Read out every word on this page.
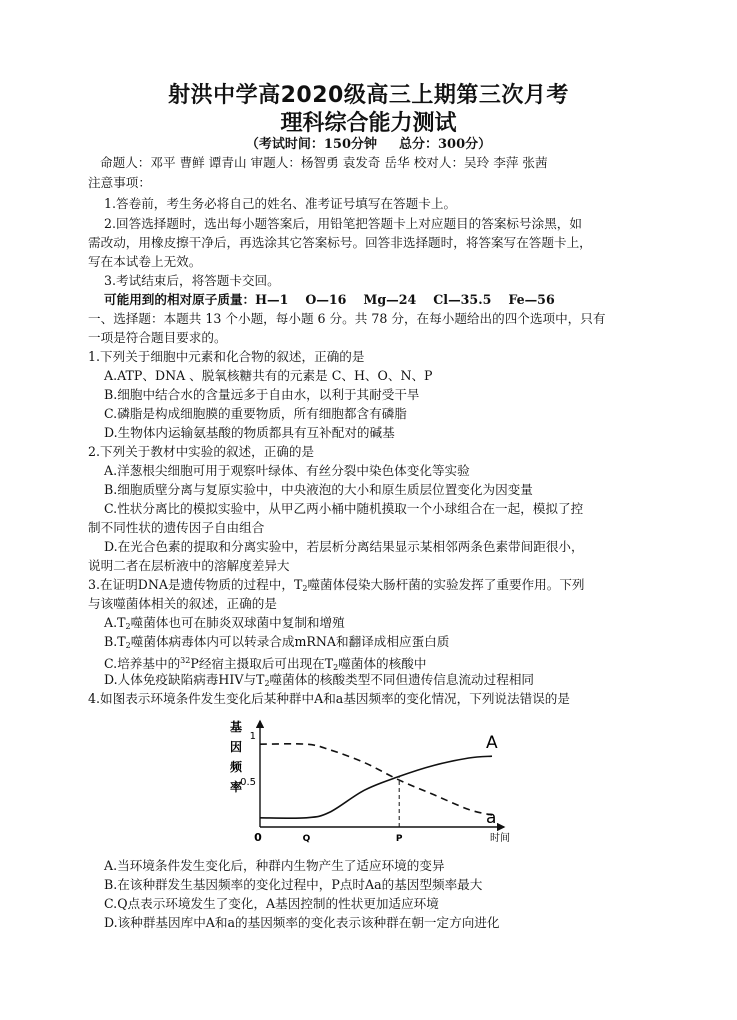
射洪中学高2020级高三上期第三次月考
理科综合能力测试
（考试时间：150分钟 总分：300分）
命题人：邓平 曹鲜 谭青山 审题人：杨智勇 袁发奇 岳华 校对人：吴玲 李萍 张茜
注意事项：
1.答卷前，考生务必将自己的姓名、准考证号填写在答题卡上。
2.回答选择题时，选出每小题答案后，用铅笔把答题卡上对应题目的答案标号涂黑，如
需改动，用橡皮擦干净后，再选涂其它答案标号。回答非选择题时，将答案写在答题卡上，
写在本试卷上无效。
3.考试结束后，将答题卡交回。
可能用到的相对原子质量：H—1　 O—16　 Mg—24　 Cl—35.5　 Fe—56
一、选择题：本题共 13 个小题，每小题 6 分。共 78 分，在每小题给出的四个选项中，只有
一项是符合题目要求的。
1.下列关于细胞中元素和化合物的叙述，正确的是
A.ATP、DNA 、脱氧核糖共有的元素是 C、H、O、N、P
B.细胞中结合水的含量远多于自由水，以利于其耐受干旱
C.磷脂是构成细胞膜的重要物质，所有细胞都含有磷脂
D.生物体内运输氨基酸的物质都具有互补配对的碱基
2.下列关于教材中实验的叙述，正确的是
A.洋葱根尖细胞可用于观察叶绿体、有丝分裂中染色体变化等实验
B.细胞质壁分离与复原实验中，中央液泡的大小和原生质层位置变化为因变量
C.性状分离比的模拟实验中，从甲乙两小桶中随机摸取一个小球组合在一起，模拟了控
制不同性状的遗传因子自由组合
D.在光合色素的提取和分离实验中，若层析分离结果显示某相邻两条色素带间距很小，
说明二者在层析液中的溶解度差异大
3.在证明DNA是遗传物质的过程中，$T_2$噬菌体侵染大肠杆菌的实验发挥了重要作用。下列
与该噬菌体相关的叙述，正确的是
$A.T_2$噬菌体也可在肺炎双球菌中复制和增殖
$B.T_2$噬菌体病毒体内可以转录合成mRNA和翻译成相应蛋白质
C.培养基中的$^{32}$P经宿主摄取后可出现在$T_2$噬菌体的核酸中
D.人体免疫缺陷病毒HIV与$T_2$噬菌体的核酸类型不同但遗传信息流动过程相同
4.如图表示环境条件发生变化后某种群中A和a基因频率的变化情况，下列说法错误的是
基
因
频
率
1
0.5
0	Q	P	时间
A
a
A.当环境条件发生变化后，种群内生物产生了适应环境的变异
B.在该种群发生基因频率的变化过程中，P点时Aa的基因型频率最大
C.Q点表示环境发生了变化，A基因控制的性状更加适应环境
D.该种群基因库中A和a的基因频率的变化表示该种群在朝一定方向进化
